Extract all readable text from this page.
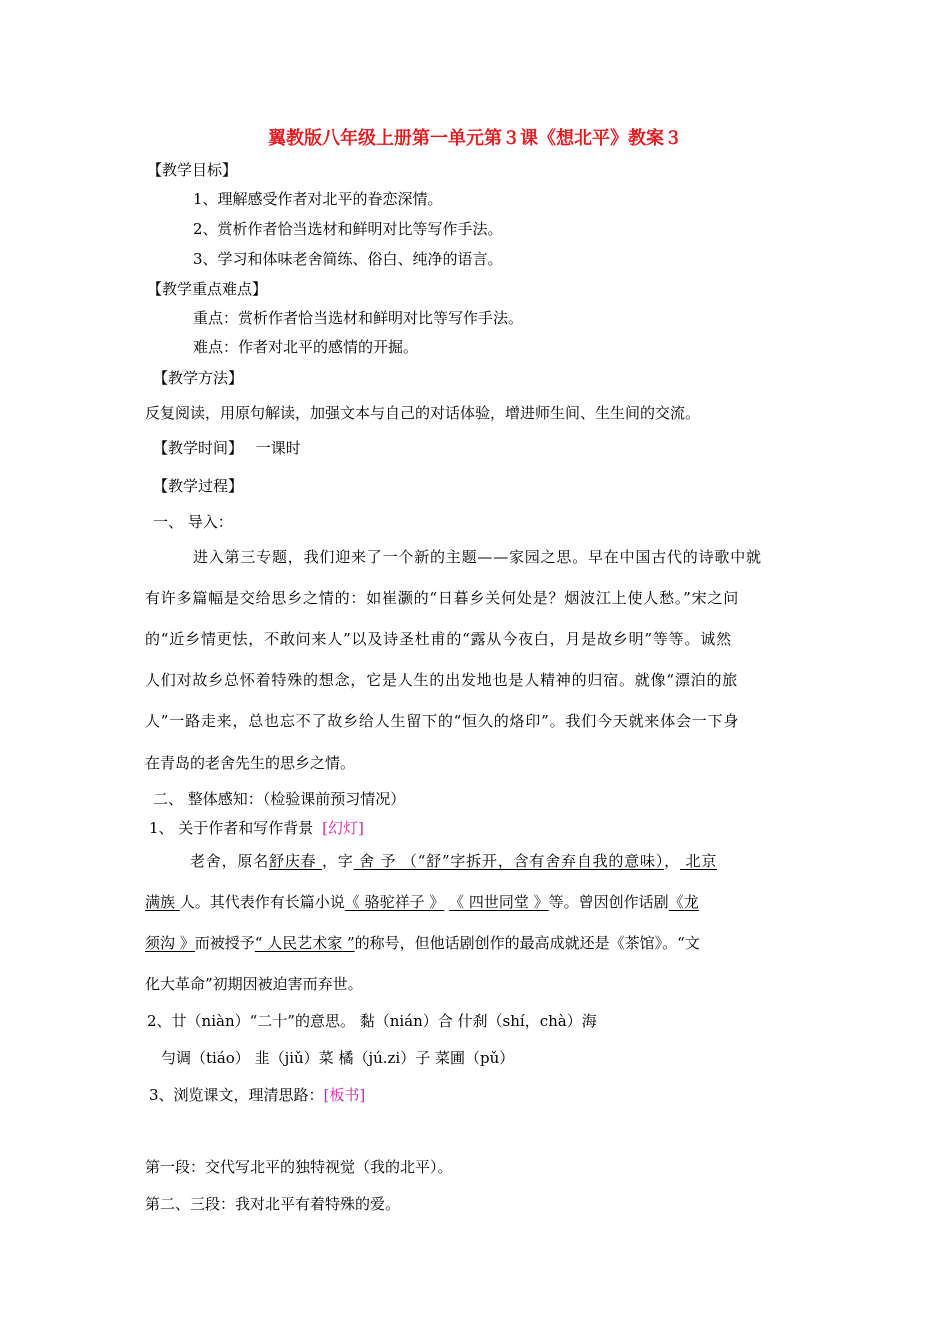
翼教版八年级上册第一单元第３课《想北平》教案３
【教学目标】
1、理解感受作者对北平的眷恋深情。
2、赏析作者恰当选材和鲜明对比等写作手法。
3、学习和体味老舍简练、俗白、纯净的语言。
【教学重点难点】
重点：赏析作者恰当选材和鲜明对比等写作手法。
难点：作者对北平的感情的开掘。
【教学方法】
反复阅读，用原句解读，加强文本与自己的对话体验，增进师生间、生生间的交流。
【教学时间】 一课时
【教学过程】
一、 导入：
进入第三专题，我们迎来了一个新的主题——家园之思。早在中国古代的诗歌中就
有许多篇幅是交给思乡之情的：如崔灏的“日暮乡关何处是？烟波江上使人愁。”宋之问
的“近乡情更怯，不敢问来人”以及诗圣杜甫的“露从今夜白，月是故乡明”等等。诚然
人们对故乡总怀着特殊的想念，它是人生的出发地也是人精神的归宿。就像“漂泊的旅
人”一路走来，总也忘不了故乡给人生留下的“恒久的烙印”。我们今天就来体会一下身
在青岛的老舍先生的思乡之情。
二、 整体感知：（检验课前预习情况）
1、 关于作者和写作背景 [幻灯]
老舍，原名舒庆春 ，字 舍 予 （“舒”字拆开，含有舍弃自我的意味）， 北京
满族 人。其代表作有长篇小说《 骆驼祥子 》 《 四世同堂 》等。曾因创作话剧《龙
须沟 》而被授予“ 人民艺术家 ”的称号，但他话剧创作的最高成就还是《茶馆》。“文
化大革命”初期因被迫害而弃世。
2、廿（niàn）“二十”的意思。 黏（nián）合 什刹（shí，chà）海
勻调（tiáo） 韭（jiǔ）菜 橘（jú.zi）子 菜圃（pǔ）
3、浏览课文，理清思路：[板书]
第一段：交代写北平的独特视觉（我的北平）。
第二、三段：我对北平有着特殊的爱。
